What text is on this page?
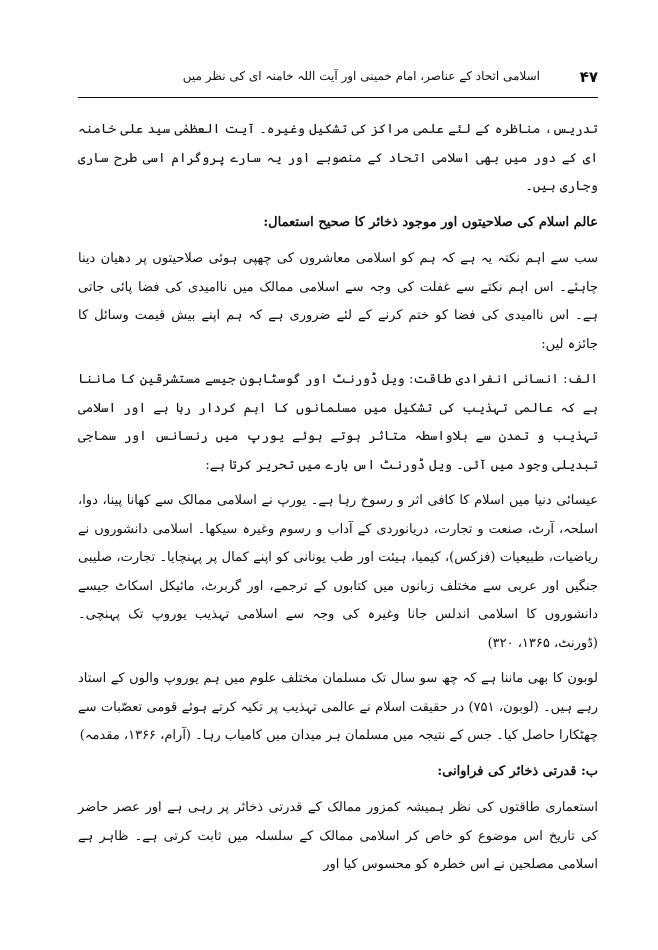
۴۷
اسلامی اتحاد کے عناصر، امام خمینی اور آیت اللہ خامنہ ای کی نظر میں

تدریس، مناظرہ کے لئے علمی مراکز کی تشکیل وغیرہ۔ آیت العظمٰی سید علی خامنہ ای کے دور میں بھی اسلامی اتحاد کے منصوبے اور یہ سارے پروگرام اسی طرح ساری وجاری ہیں۔

عالم اسلام کی صلاحیتوں اور موجود ذخائر کا صحیح استعمال:

سب سے اہم نکتہ یہ ہے کہ ہم کو اسلامی معاشروں کی چھپی ہوئی صلاحیتوں پر دھیان دینا چاہئے۔ اس اہم نکتے سے غفلت کی وجہ سے اسلامی ممالک میں ناامیدی کی فضا پائی جاتی ہے۔ اس ناامیدی کی فضا کو ختم کرنے کے لئے ضروری ہے کہ ہم اپنے بیش قیمت وسائل کا جائزہ لیں:

الف: انسانی انفرادی طاقت: ویل ڈورنٹ اور گوسٹابون جیسے مستشرقین کا ماننا ہے کہ عالمی تہذیب کی تشکیل میں مسلمانوں کا اہم کردار رہا ہے اور اسلامی تہذیب و تمدن سے بلاواسطہ متاثر ہوتے ہوئے یورپ میں رنسانس اور سماجی تبدیلی وجود میں آئی۔ ویل ڈورنٹ اس بارے میں تحریر کرتا ہے:

عیسائی دنیا میں اسلام کا کافی اثر و رسوخ رہا ہے۔ یورپ نے اسلامی ممالک سے کھانا پینا، دوا، اسلحہ، آرٹ، صنعت و تجارت، دریانوردی کے آداب و رسوم وغیرہ سیکھا۔ اسلامی دانشوروں نے ریاضیات، طبیعیات (فزکس)، کیمیا، ہیئت اور طب یونانی کو اپنے کمال پر پہنچایا۔ تجارت، صلیبی جنگیں اور عربی سے مختلف زبانوں میں کتابوں کے ترجمے، اور گربرٹ، مائیکل اسکاٹ جیسے دانشوروں کا اسلامی اندلس جانا وغیرہ کی وجہ سے اسلامی تہذیب یوروپ تک پہنچی۔ (ڈورنٹ، ۱۳۶۵، ۳۲۰)

لوبون کا بھی ماننا ہے کہ چھ سو سال تک مسلمان مختلف علوم میں ہم یوروپ والوں کے استاد رہے ہیں۔ (لوبون، ۷۵۱) در حقیقت اسلام نے عالمی تہذیب پر تکیہ کرتے ہوئے قومی تعصّبات سے چھٹکارا حاصل کیا۔ جس کے نتیجہ میں مسلمان ہر میدان میں کامیاب رہا۔ (آرام، ۱۳۶۶، مقدمہ)

ب: قدرتی ذخائر کی فراوانی:

استعماری طاقتوں کی نظر ہمیشہ کمزور ممالک کے قدرتی ذخائر پر رہی ہے اور عصر حاضر کی تاریخ اس موضوع کو خاص کر اسلامی ممالک کے سلسلہ میں ثابت کرتی ہے۔ ظاہر ہے اسلامی مصلحین نے اس خطرہ کو محسوس کیا اور
